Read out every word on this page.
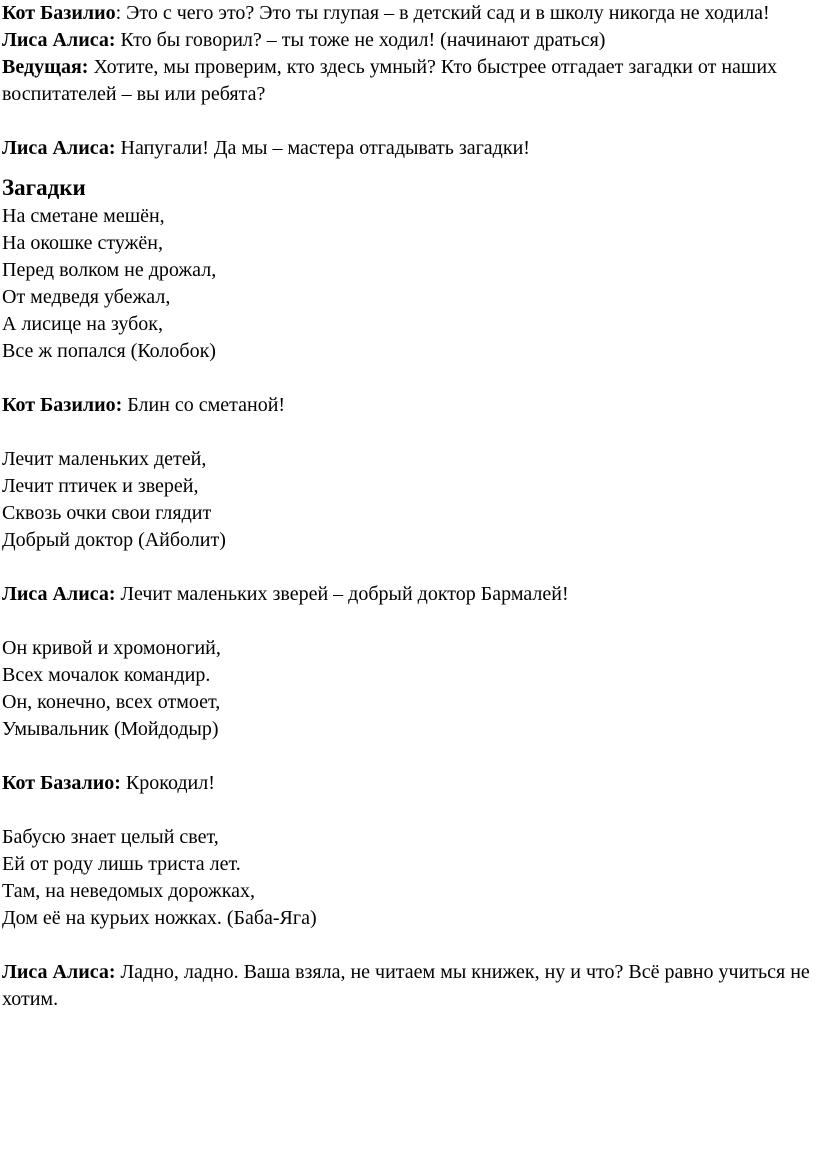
Кот Базилио: Это с чего это? Это ты глупая – в детский сад и в школу никогда не ходила!

Лиса Алиса: Кто бы говорил? – ты тоже не ходил! (начинают драться)

Ведущая: Хотите, мы проверим, кто здесь умный? Кто быстрее отгадает загадки от наших воспитателей – вы или ребята?

Лиса Алиса: Напугали! Да мы – мастера отгадывать загадки!

Загадки
На сметане мешён,
На окошке стужён,
Перед волком не дрожал,
От медведя убежал,
А лисице на зубок,
Все ж попался (Колобок)

Кот Базилио: Блин со сметаной!

Лечит маленьких детей,
Лечит птичек и зверей,
Сквозь очки свои глядит
Добрый доктор (Айболит)

Лиса Алиса: Лечит маленьких зверей – добрый доктор Бармалей!

Он кривой и хромоногий,
Всех мочалок командир.
Он, конечно, всех отмоет,
Умывальник (Мойдодыр)

Кот Базалио: Крокодил!

Бабусю знает целый свет,
Ей от роду лишь триста лет.
Там, на неведомых дорожках,
Дом её на курьих ножках. (Баба-Яга)

Лиса Алиса: Ладно, ладно. Ваша взяла, не читаем мы книжек, ну и что? Всё равно учиться не хотим.
